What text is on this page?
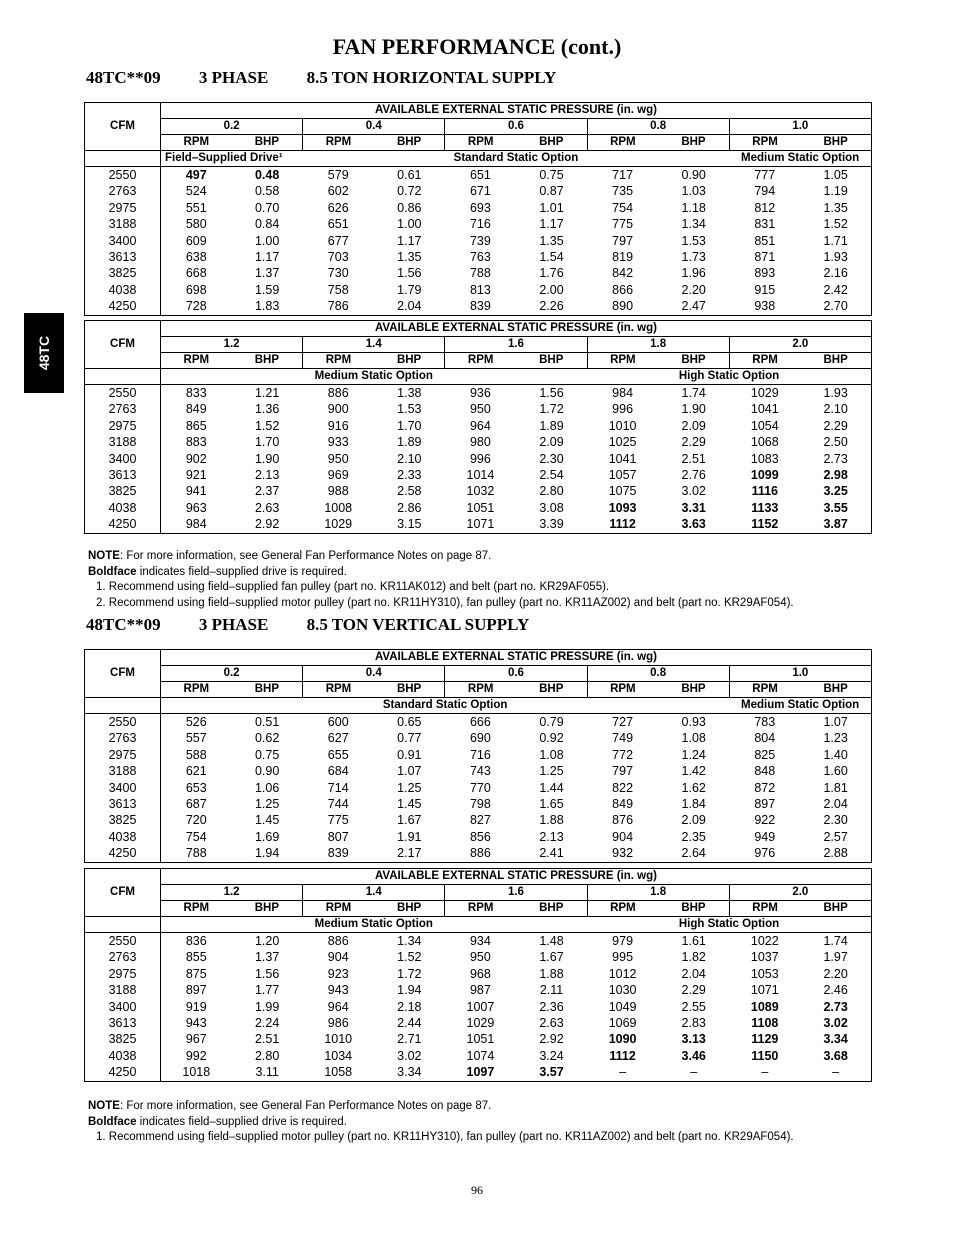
FAN PERFORMANCE (cont.)
48TC**09 3 PHASE 8.5 TON HORIZONTAL SUPPLY
48TC
CFM	AVAILABLE EXTERNAL STATIC PRESSURE (in. wg)									
	0.2		0.4		0.6		0.8		1.0	
	RPM	BHP	RPM	BHP	RPM	BHP	RPM	BHP	RPM	BHP
	Field–Supplied Drive¹		Standard Static Option						Medium Static Option	
2550	497	0.48	579	0.61	651	0.75	717	0.90	777	1.05
2763	524	0.58	602	0.72	671	0.87	735	1.03	794	1.19
2975	551	0.70	626	0.86	693	1.01	754	1.18	812	1.35
3188	580	0.84	651	1.00	716	1.17	775	1.34	831	1.52
3400	609	1.00	677	1.17	739	1.35	797	1.53	851	1.71
3613	638	1.17	703	1.35	763	1.54	819	1.73	871	1.93
3825	668	1.37	730	1.56	788	1.76	842	1.96	893	2.16
4038	698	1.59	758	1.79	813	2.00	866	2.20	915	2.42
4250	728	1.83	786	2.04	839	2.26	890	2.47	938	2.70
CFM	AVAILABLE EXTERNAL STATIC PRESSURE (in. wg)									
	1.2		1.4		1.6		1.8		2.0	
	RPM	BHP	RPM	BHP	RPM	BHP	RPM	BHP	RPM	BHP
			Medium Static Option				High Static Option			
2550	833	1.21	886	1.38	936	1.56	984	1.74	1029	1.93
2763	849	1.36	900	1.53	950	1.72	996	1.90	1041	2.10
2975	865	1.52	916	1.70	964	1.89	1010	2.09	1054	2.29
3188	883	1.70	933	1.89	980	2.09	1025	2.29	1068	2.50
3400	902	1.90	950	2.10	996	2.30	1041	2.51	1083	2.73
3613	921	2.13	969	2.33	1014	2.54	1057	2.76	1099	2.98
3825	941	2.37	988	2.58	1032	2.80	1075	3.02	1116	3.25
4038	963	2.63	1008	2.86	1051	3.08	1093	3.31	1133	3.55
4250	984	2.92	1029	3.15	1071	3.39	1112	3.63	1152	3.87
NOTE: For more information, see General Fan Performance Notes on page 87.
Boldface indicates field–supplied drive is required.
1. Recommend using field–supplied fan pulley (part no. KR11AK012) and belt (part no. KR29AF055).
2. Recommend using field–supplied motor pulley (part no. KR11HY310), fan pulley (part no. KR11AZ002) and belt (part no. KR29AF054).
48TC**09 3 PHASE 8.5 TON VERTICAL SUPPLY
CFM	AVAILABLE EXTERNAL STATIC PRESSURE (in. wg)									
	0.2		0.4		0.6		0.8		1.0	
	RPM	BHP	RPM	BHP	RPM	BHP	RPM	BHP	RPM	BHP
	Standard Static Option								Medium Static Option	
2550	526	0.51	600	0.65	666	0.79	727	0.93	783	1.07
2763	557	0.62	627	0.77	690	0.92	749	1.08	804	1.23
2975	588	0.75	655	0.91	716	1.08	772	1.24	825	1.40
3188	621	0.90	684	1.07	743	1.25	797	1.42	848	1.60
3400	653	1.06	714	1.25	770	1.44	822	1.62	872	1.81
3613	687	1.25	744	1.45	798	1.65	849	1.84	897	2.04
3825	720	1.45	775	1.67	827	1.88	876	2.09	922	2.30
4038	754	1.69	807	1.91	856	2.13	904	2.35	949	2.57
4250	788	1.94	839	2.17	886	2.41	932	2.64	976	2.88
CFM	AVAILABLE EXTERNAL STATIC PRESSURE (in. wg)									
	1.2		1.4		1.6		1.8		2.0	
	RPM	BHP	RPM	BHP	RPM	BHP	RPM	BHP	RPM	BHP
			Medium Static Option				High Static Option			
2550	836	1.20	886	1.34	934	1.48	979	1.61	1022	1.74
2763	855	1.37	904	1.52	950	1.67	995	1.82	1037	1.97
2975	875	1.56	923	1.72	968	1.88	1012	2.04	1053	2.20
3188	897	1.77	943	1.94	987	2.11	1030	2.29	1071	2.46
3400	919	1.99	964	2.18	1007	2.36	1049	2.55	1089	2.73
3613	943	2.24	986	2.44	1029	2.63	1069	2.83	1108	3.02
3825	967	2.51	1010	2.71	1051	2.92	1090	3.13	1129	3.34
4038	992	2.80	1034	3.02	1074	3.24	1112	3.46	1150	3.68
4250	1018	3.11	1058	3.34	1097	3.57	–	–	–	–
NOTE: For more information, see General Fan Performance Notes on page 87.
Boldface indicates field–supplied drive is required.
1. Recommend using field–supplied motor pulley (part no. KR11HY310), fan pulley (part no. KR11AZ002) and belt (part no. KR29AF054).
96
